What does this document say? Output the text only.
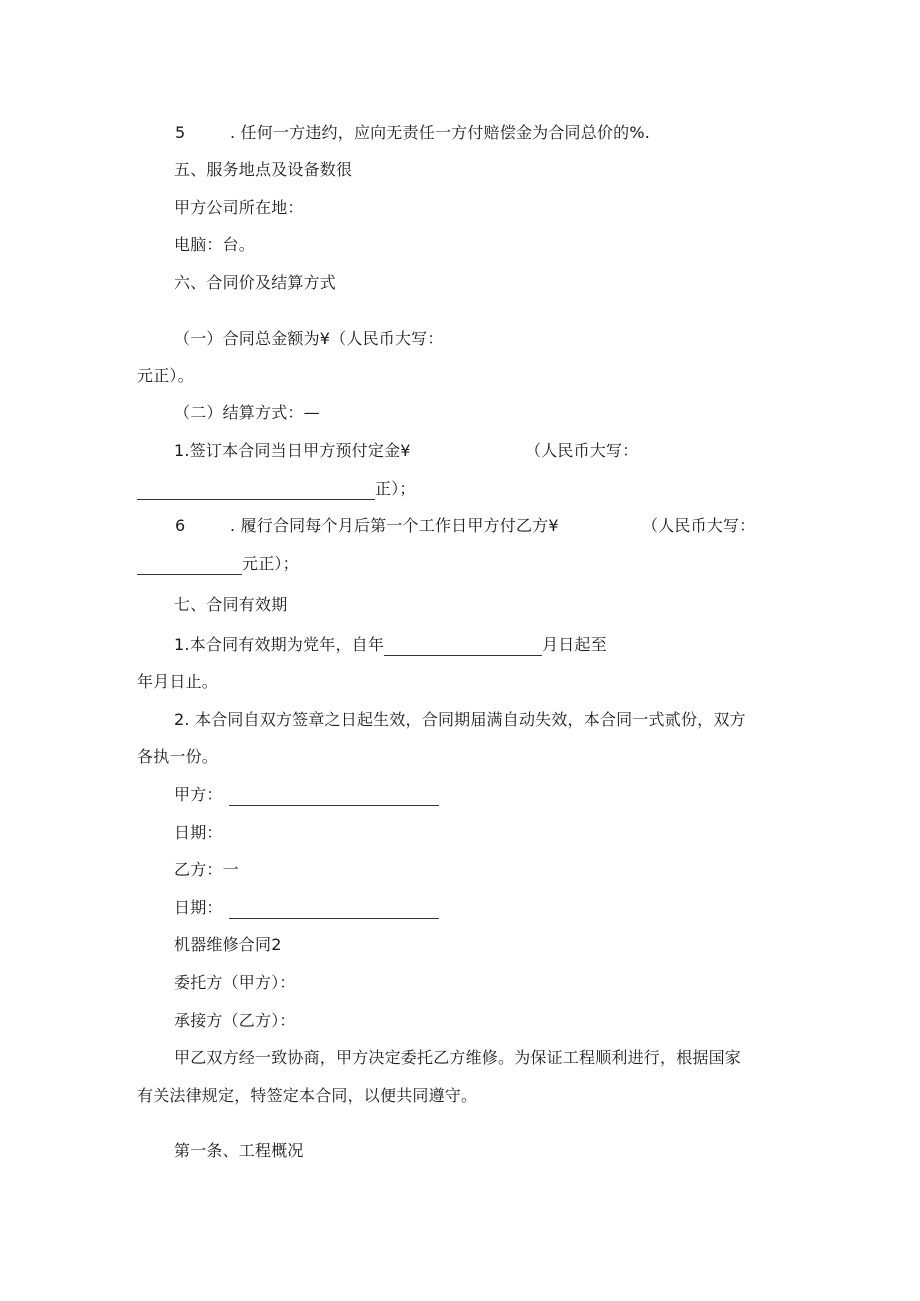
5	. 任何一方违约，应向无责任一方付赔偿金为合同总价的%.
五、服务地点及设备数很
甲方公司所在地：
电脑：台。
六、合同价及结算方式
（一）合同总金额为¥（人民币大写：
元正）。
（二）结算方式：—
1.签订本合同当日甲方预付定金¥	（人民币大写：
正）；
6	. 履行合同每个月后第一个工作日甲方付乙方¥	（人民币大写：
元正）；
七、合同有效期
1.本合同有效期为党年，自年	月日起至
年月日止。
2. 本合同自双方签章之日起生效，合同期届满自动失效，本合同一式贰份，双方
各执一份。
甲方：
日期：
乙方：一
日期：
机器维修合同2
委托方（甲方）：
承接方（乙方）：
甲乙双方经一致协商，甲方决定委托乙方维修。为保证工程顺利进行，根据国家
有关法律规定，特签定本合同，以便共同遵守。
第一条、工程概况
